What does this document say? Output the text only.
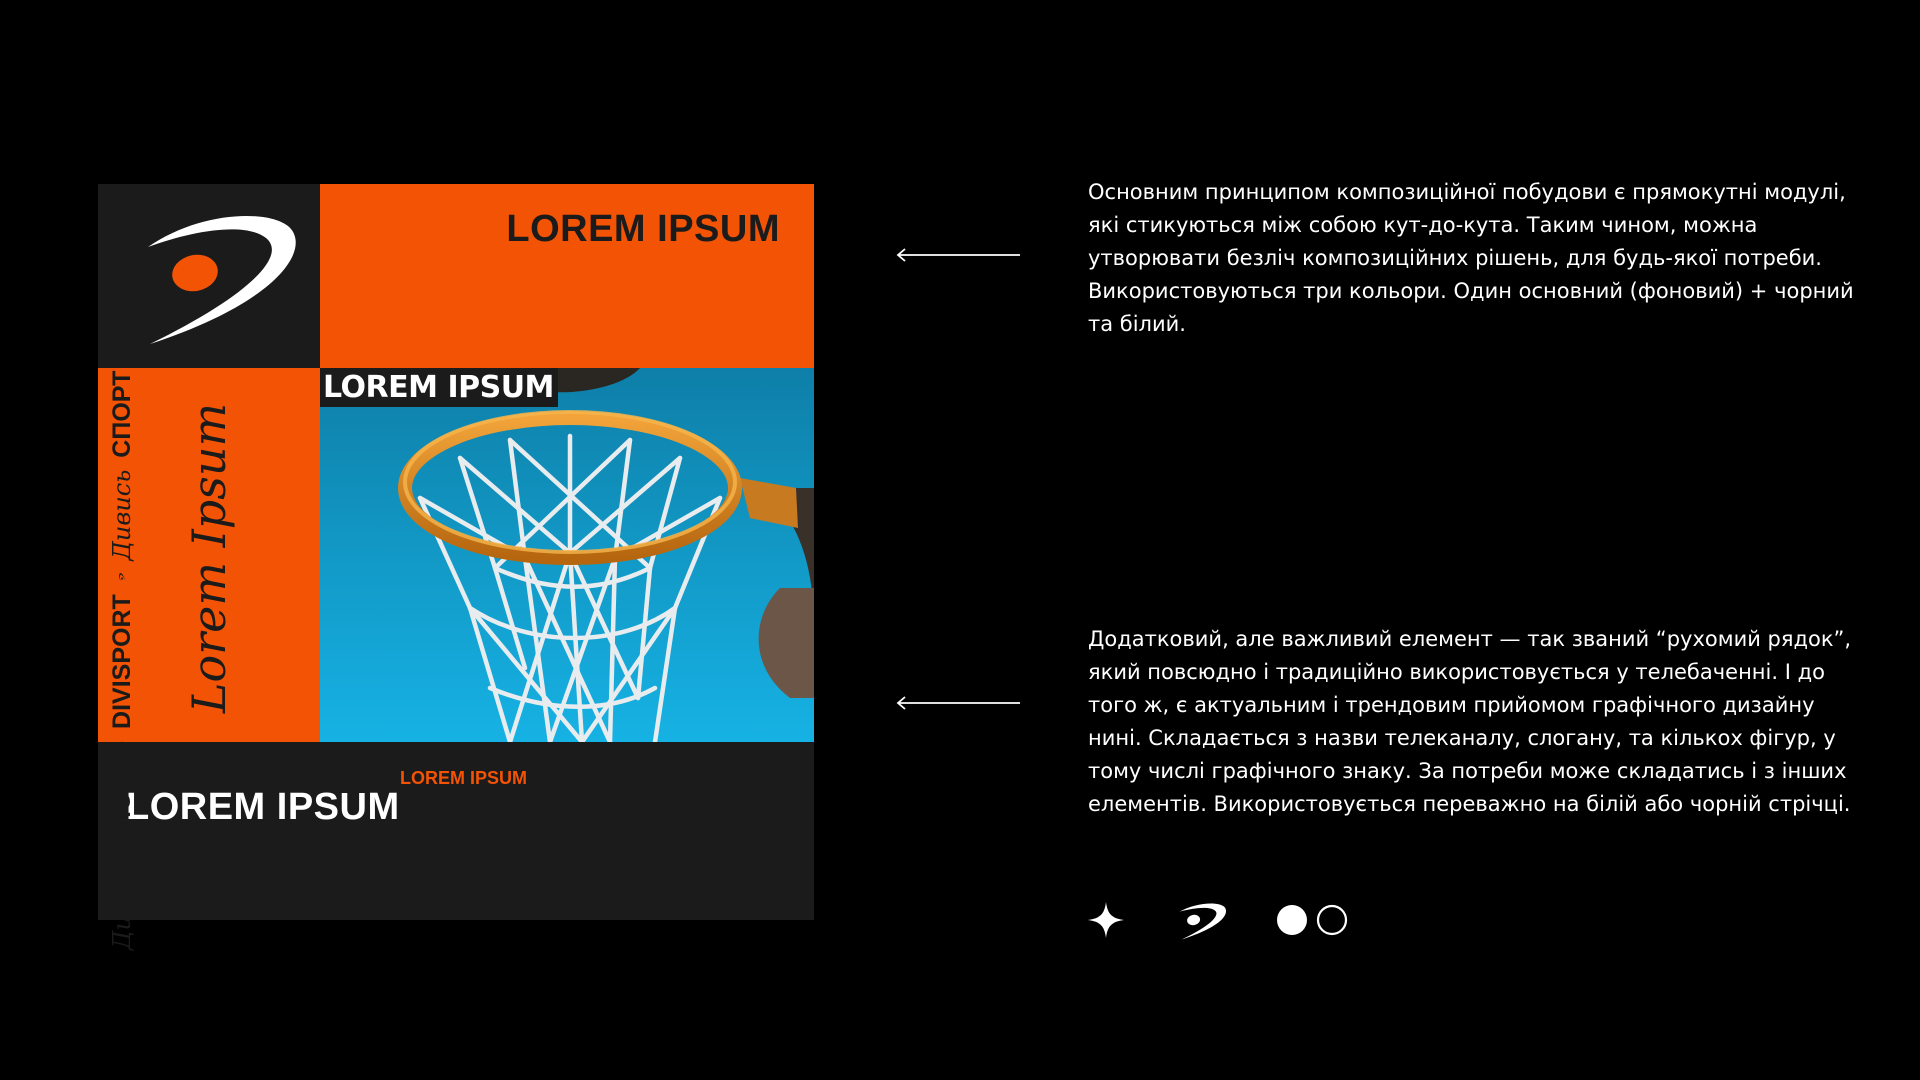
LOREM IPSUM
Lorem Ipsum
LOREM IPSUM
LOREM IPSUM
LOREM IPSUM
Дивись
СПОРТ
DIVISPORT
Дивись
СПОРТ
DIVISPORT	Основним принципом композиційної побудови є прямокутні модулі, які стикуються між собою кут-до-кута. Таким чином, можна утворювати безліч композиційних рішень, для будь-якої потреби. Використовуються три кольори. Один основний (фоновий) + чорний та білий.
Додатковий, але важливий елемент — так званий “рухомий рядок”, який повсюдно і традиційно використовується у телебаченні. І до того ж, є актуальним і трендовим прийомом графічного дизайну нині. Складається з назви телеканалу, слогану, та кількох фігур, у тому числі графічного знаку. За потреби може складатись і з інших елементів. Використовується переважно на білій або чорній стрічці.
